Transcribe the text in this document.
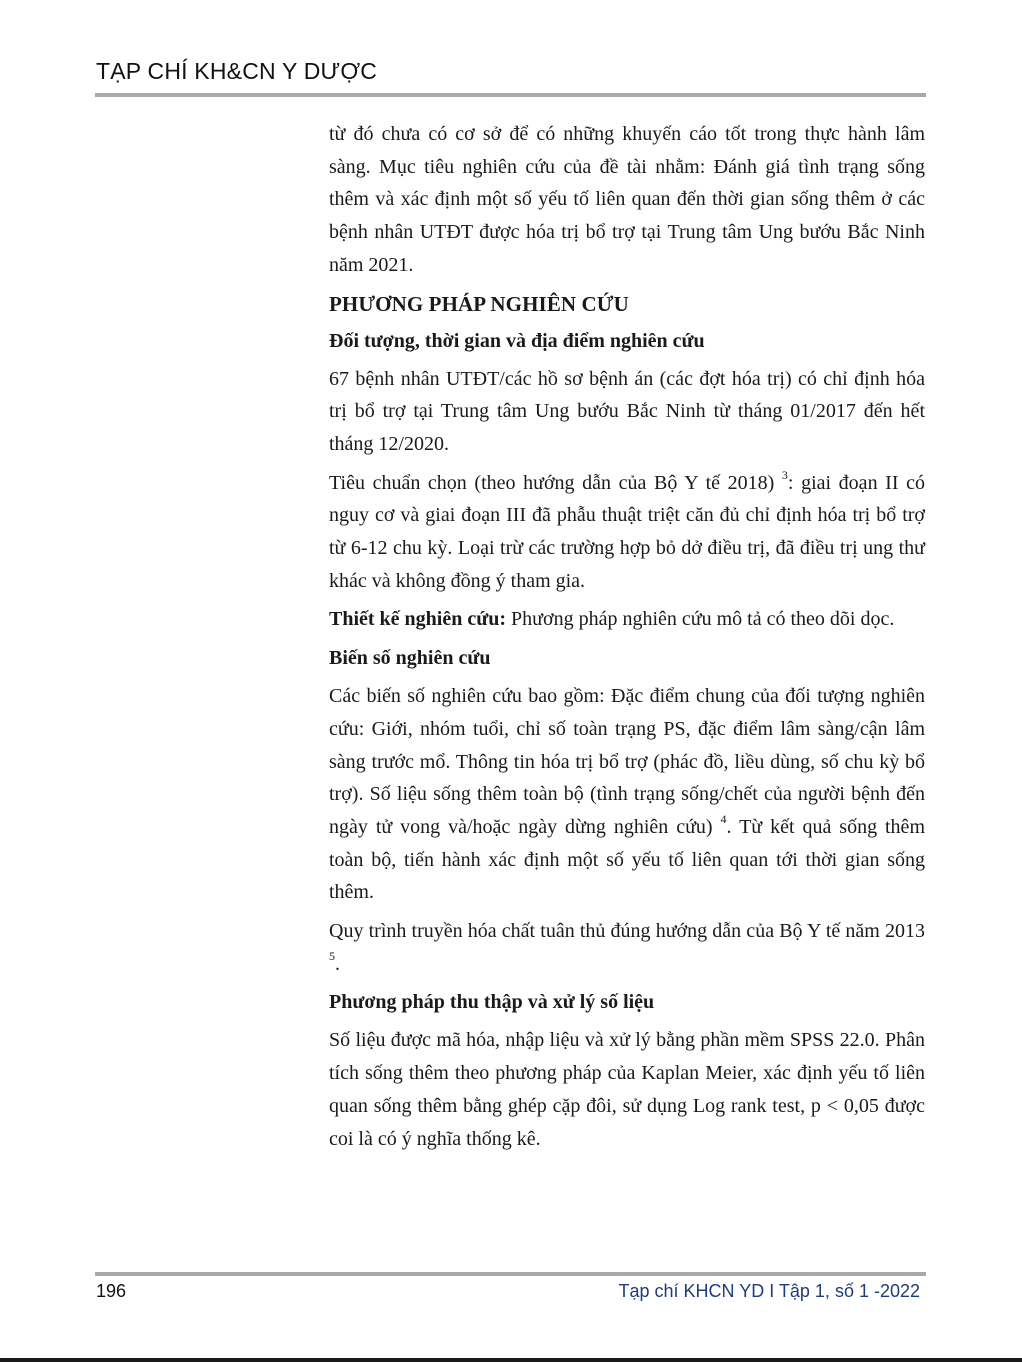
TẠP CHÍ KH&CN Y DƯỢC

từ đó chưa có cơ sở để có những khuyến cáo tốt trong thực hành lâm sàng. Mục tiêu nghiên cứu của đề tài nhằm: Đánh giá tình trạng sống thêm và xác định một số yếu tố liên quan đến thời gian sống thêm ở các bệnh nhân UTĐT được hóa trị bổ trợ tại Trung tâm Ung bướu Bắc Ninh năm 2021.

PHƯƠNG PHÁP NGHIÊN CỨU
Đối tượng, thời gian và địa điểm nghiên cứu

67 bệnh nhân UTĐT/các hồ sơ bệnh án (các đợt hóa trị) có chỉ định hóa trị bổ trợ tại Trung tâm Ung bướu Bắc Ninh từ tháng 01/2017 đến hết tháng 12/2020.

Tiêu chuẩn chọn (theo hướng dẫn của Bộ Y tế 2018) $^3$: giai đoạn II có nguy cơ và giai đoạn III đã phẫu thuật triệt căn đủ chỉ định hóa trị bổ trợ từ 6-12 chu kỳ. Loại trừ các trường hợp bỏ dở điều trị, đã điều trị ung thư khác và không đồng ý tham gia.

Thiết kế nghiên cứu: Phương pháp nghiên cứu mô tả có theo dõi dọc.

Biến số nghiên cứu

Các biến số nghiên cứu bao gồm: Đặc điểm chung của đối tượng nghiên cứu: Giới, nhóm tuổi, chỉ số toàn trạng PS, đặc điểm lâm sàng/cận lâm sàng trước mổ. Thông tin hóa trị bổ trợ (phác đồ, liều dùng, số chu kỳ bổ trợ). Số liệu sống thêm toàn bộ (tình trạng sống/chết của người bệnh đến ngày tử vong và/hoặc ngày dừng nghiên cứu) $^4$. Từ kết quả sống thêm toàn bộ, tiến hành xác định một số yếu tố liên quan tới thời gian sống thêm.

Quy trình truyền hóa chất tuân thủ đúng hướng dẫn của Bộ Y tế năm 2013 $^5$.

Phương pháp thu thập và xử lý số liệu

Số liệu được mã hóa, nhập liệu và xử lý bằng phần mềm SPSS 22.0. Phân tích sống thêm theo phương pháp của Kaplan Meier, xác định yếu tố liên quan sống thêm bằng ghép cặp đôi, sử dụng Log rank test, p < 0,05 được coi là có ý nghĩa thống kê.

196	Tạp chí KHCN YD I Tập 1, số 1 -2022
